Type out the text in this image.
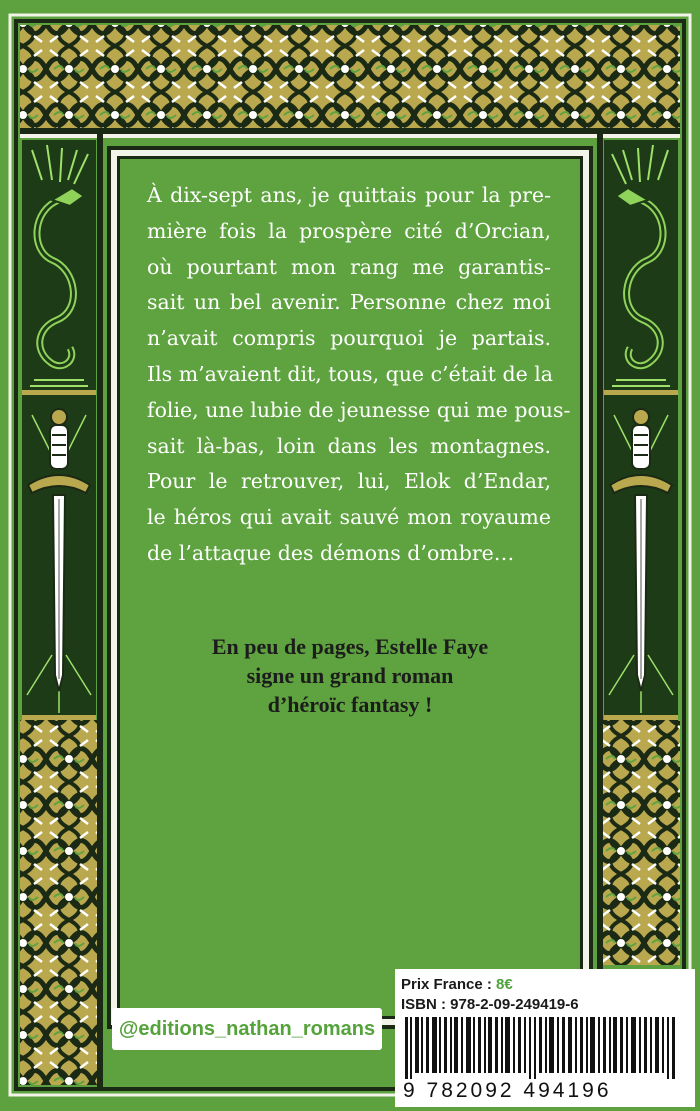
À dix-sept ans, je quittais pour la pre-
mière fois la prospère cité d’Orcian,
où pourtant mon rang me garantis-
sait un bel avenir. Personne chez moi
n’avait compris pourquoi je partais.
Ils m’avaient dit, tous, que c’était de la
folie, une lubie de jeunesse qui me pous-
sait là-bas, loin dans les montagnes.
Pour le retrouver, lui, Elok d’Endar,
le héros qui avait sauvé mon royaume
de l’attaque des démons d’ombre…

En peu de pages, Estelle Faye
signe un grand roman
d’héroïc fantasy !

@editions_nathan_romans
Prix France : 8€
ISBN : 978-2-09-249419-6
9 782092 494196
